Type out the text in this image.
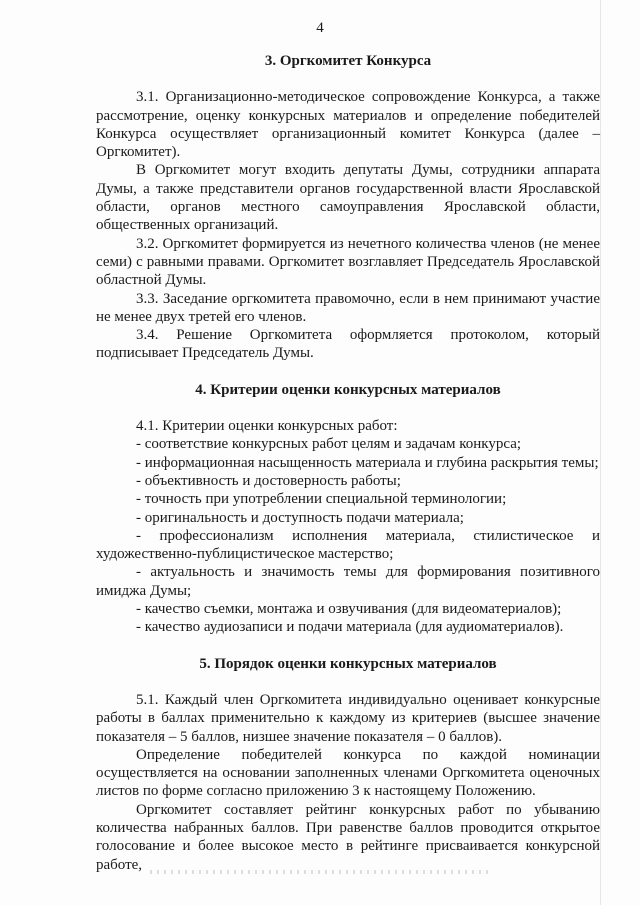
4
3. Оргкомитет Конкурса

3.1. Организационно-методическое сопровождение Конкурса, а также рассмотрение, оценку конкурсных материалов и определение победителей Конкурса осуществляет организационный комитет Конкурса (далее – Оргкомитет).

В Оргкомитет могут входить депутаты Думы, сотрудники аппарата Думы, а также представители органов государственной власти Ярославской области, органов местного самоуправления Ярославской области, общественных организаций.

3.2. Оргкомитет формируется из нечетного количества членов (не менее семи) с равными правами. Оргкомитет возглавляет Председатель Ярославской областной Думы.

3.3. Заседание оргкомитета правомочно, если в нем принимают участие не менее двух третей его членов.

3.4. Решение Оргкомитета оформляется протоколом, который подписывает Председатель Думы.

4. Критерии оценки конкурсных материалов

4.1. Критерии оценки конкурсных работ:

- соответствие конкурсных работ целям и задачам конкурса;

- информационная насыщенность материала и глубина раскрытия темы;

- объективность и достоверность работы;

- точность при употреблении специальной терминологии;

- оригинальность и доступность подачи материала;

- профессионализм исполнения материала, стилистическое и художественно-публицистическое мастерство;

- актуальность и значимость темы для формирования позитивного имиджа Думы;

- качество съемки, монтажа и озвучивания (для видеоматериалов);

- качество аудиозаписи и подачи материала (для аудиоматериалов).

5. Порядок оценки конкурсных материалов

5.1. Каждый член Оргкомитета индивидуально оценивает конкурсные работы в баллах применительно к каждому из критериев (высшее значение показателя – 5 баллов, низшее значение показателя – 0 баллов).

Определение победителей конкурса по каждой номинации осуществляется на основании заполненных членами Оргкомитета оценочных листов по форме согласно приложению 3 к настоящему Положению.

Оргкомитет составляет рейтинг конкурсных работ по убыванию количества набранных баллов. При равенстве баллов проводится открытое голосование и более высокое место в рейтинге присваивается конкурсной работе,
